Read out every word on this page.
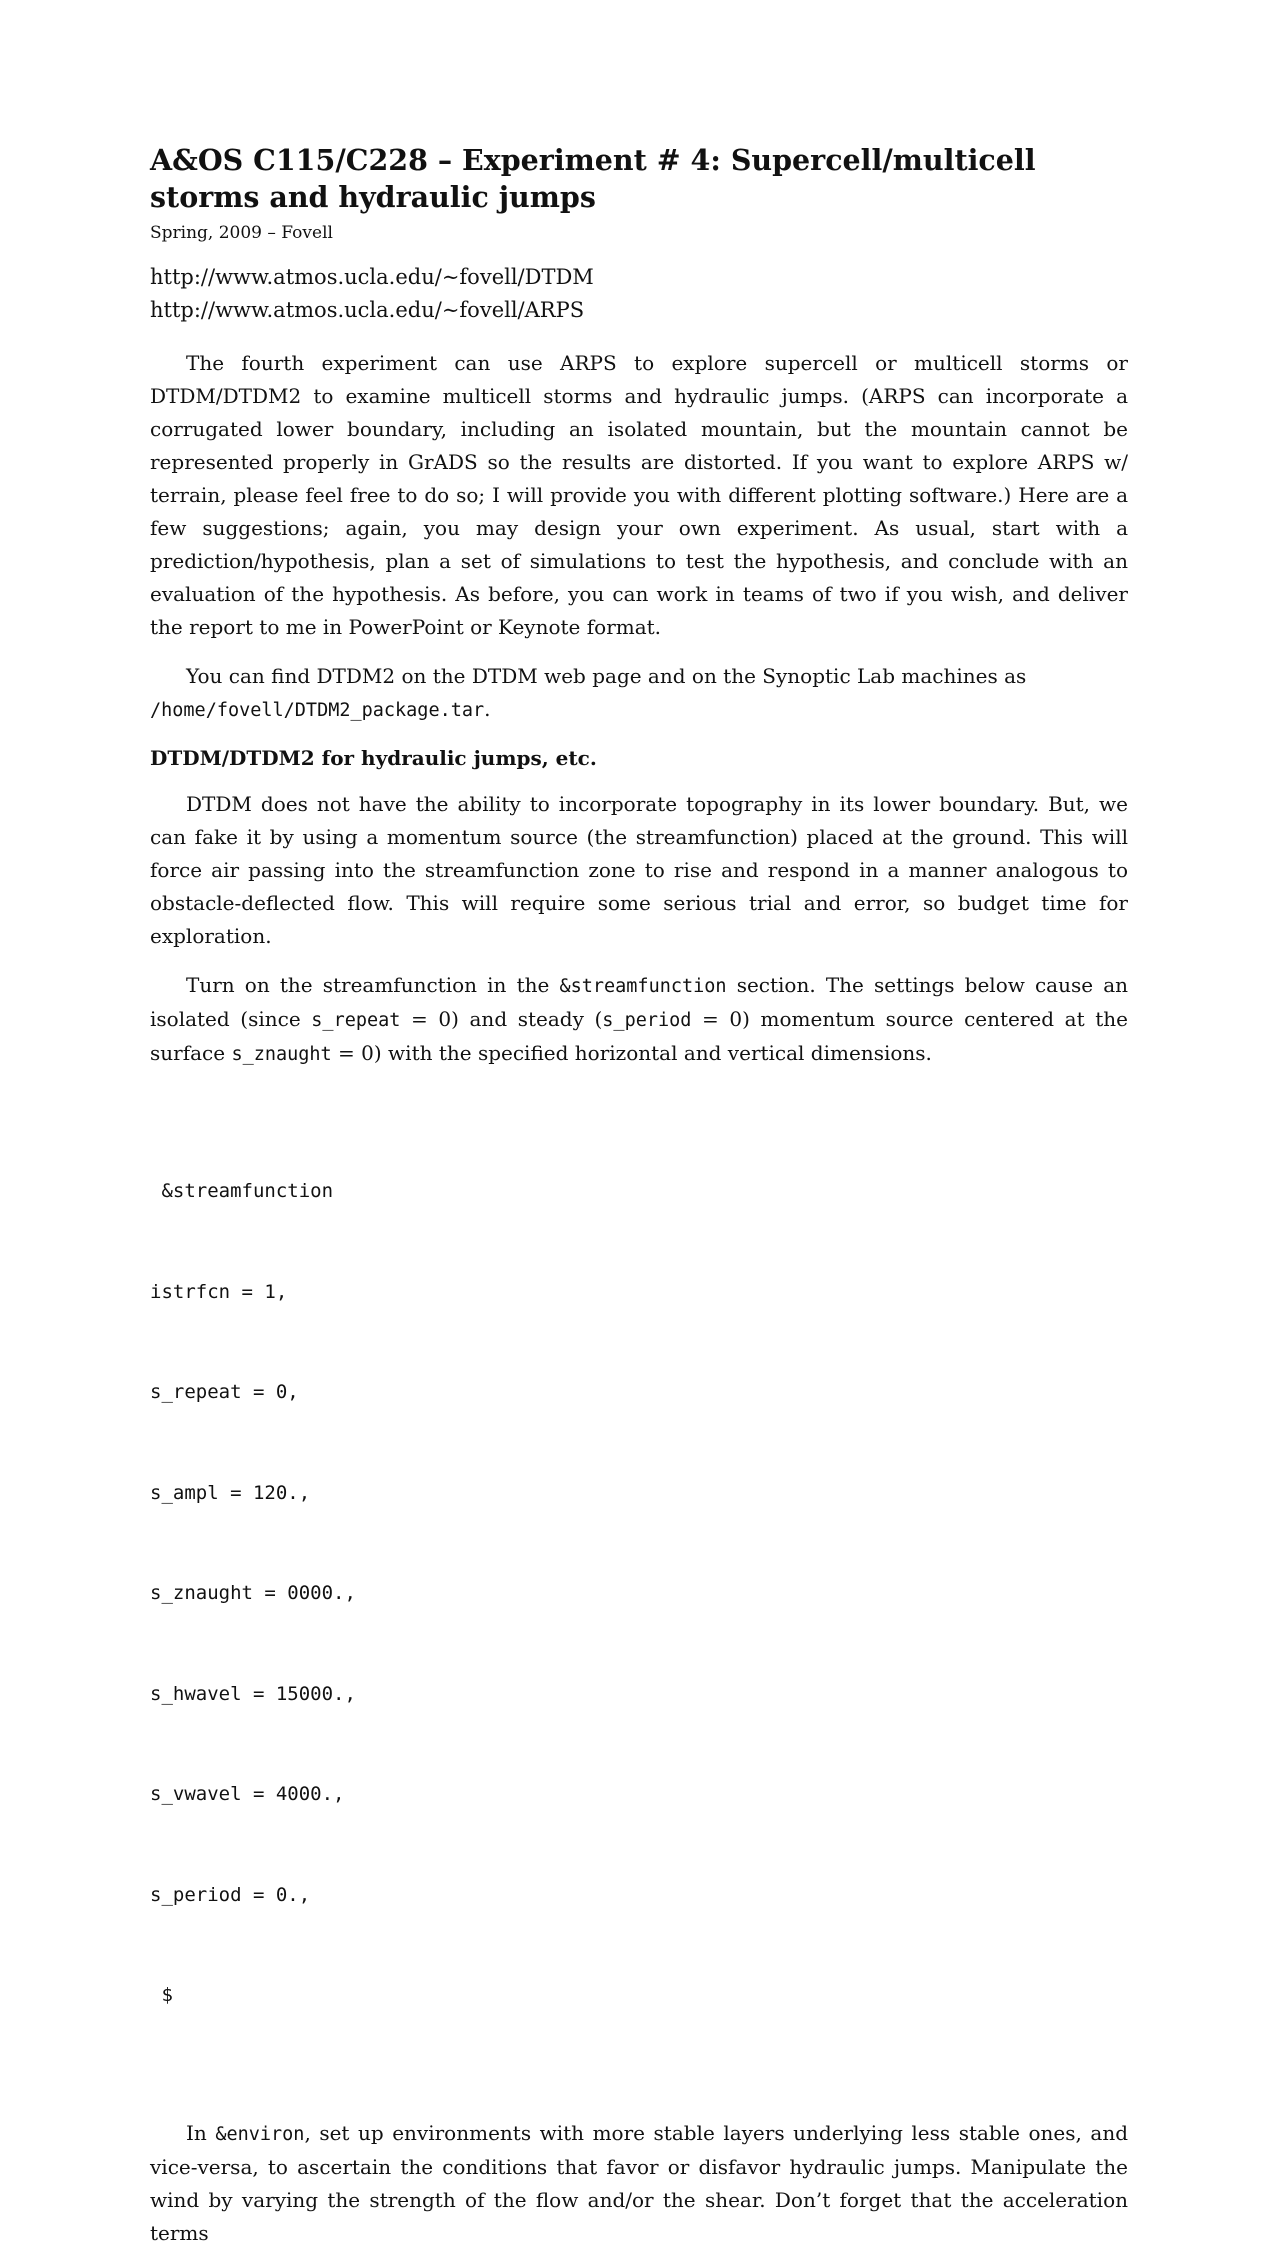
A&OS C115/C228 – Experiment # 4: Supercell/multicell storms and hydraulic jumps
Spring, 2009 – Fovell
http://www.atmos.ucla.edu/∼fovell/DTDM
http://www.atmos.ucla.edu/∼fovell/ARPS

The fourth experiment can use ARPS to explore supercell or multicell storms or DTDM/DTDM2 to examine multicell storms and hydraulic jumps. (ARPS can incorporate a corrugated lower boundary, including an isolated mountain, but the mountain cannot be represented properly in GrADS so the results are distorted. If you want to explore ARPS w/ terrain, please feel free to do so; I will provide you with different plotting software.) Here are a few suggestions; again, you may design your own experiment. As usual, start with a prediction/hypothesis, plan a set of simulations to test the hypothesis, and conclude with an evaluation of the hypothesis. As before, you can work in teams of two if you wish, and deliver the report to me in PowerPoint or Keynote format.

You can find DTDM2 on the DTDM web page and on the Synoptic Lab machines as
/home/fovell/DTDM2_package.tar.

DTDM/DTDM2 for hydraulic jumps, etc.

DTDM does not have the ability to incorporate topography in its lower boundary. But, we can fake it by using a momentum source (the streamfunction) placed at the ground. This will force air passing into the streamfunction zone to rise and respond in a manner analogous to obstacle-deflected flow. This will require some serious trial and error, so budget time for exploration.

Turn on the streamfunction in the &streamfunction section. The settings below cause an isolated (since s_repeat = 0) and steady (s_period = 0) momentum source centered at the surface s_znaught = 0) with the specified horizontal and vertical dimensions.

&streamfunction

istrfcn = 1,

s_repeat = 0,

s_ampl = 120.,

s_znaught = 0000.,

s_hwavel = 15000.,

s_vwavel = 4000.,

s_period = 0.,

$

In &environ, set up environments with more stable layers underlying less stable ones, and vice-versa, to ascertain the conditions that favor or disfavor hydraulic jumps. Manipulate the wind by varying the strength of the flow and/or the shear. Don’t forget that the acceleration terms
